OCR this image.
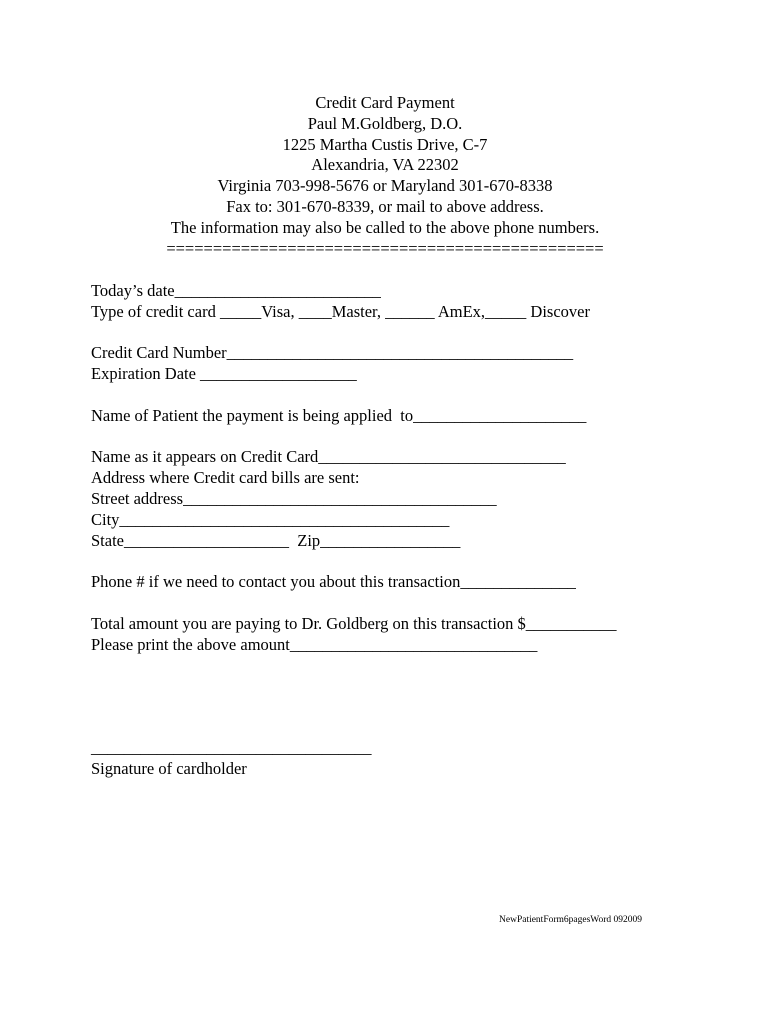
Credit Card Payment
Paul M.Goldberg, D.O.
1225 Martha Custis Drive, C-7
Alexandria, VA 22302
Virginia 703-998-5676 or Maryland 301-670-8338
Fax to: 301-670-8339, or mail to above address.
The information may also be called to the above phone numbers.
===============================================
Today’s date_________________________
Type of credit card _____Visa, ____Master, ______ AmEx,_____ Discover
Credit Card Number__________________________________________
Expiration Date ___________________
Name of Patient the payment is being applied  to_____________________
Name as it appears on Credit Card______________________________
Address where Credit card bills are sent:
Street address______________________________________
City________________________________________
State____________________  Zip_________________
Phone # if we need to contact you about this transaction______________
Total amount you are paying to Dr. Goldberg on this transaction $___________
Please print the above amount______________________________
__________________________________
Signature of cardholder
NewPatientForm6pagesWord 092009
